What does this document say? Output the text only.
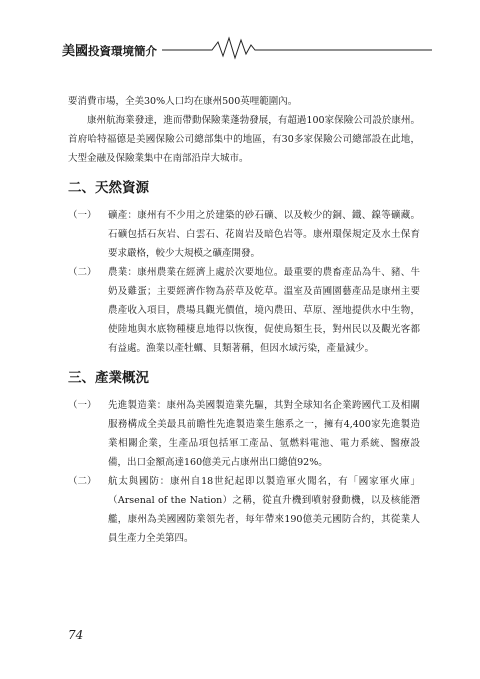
美國投資環境簡介

要消費市場，全美30%人口均在康州500英哩範圍內。

康州航海業發達，進而帶動保險業蓬勃發展，有超過100家保險公司設於康州。首府哈特福德是美國保險公司總部集中的地區，有30多家保險公司總部設在此地，大型金融及保險業集中在南部沿岸大城市。

二、天然資源
（一） 礦產：康州有不少用之於建築的砂石礦、以及較少的銅、鐵、鎳等礦藏。石礦包括石灰岩、白雲石、花崗岩及暗色岩等。康州環保規定及水土保育要求嚴格，較少大規模之礦產開發。
（二） 農業：康州農業在經濟上處於次要地位。最重要的農畜產品為牛、豬、牛奶及雞蛋；主要經濟作物為菸草及乾草。溫室及苗圃園藝產品是康州主要農產收入項目，農場具觀光價值，境內農田、草原、溼地提供水中生物，使陸地與水底物種棲息地得以恢復，促使鳥類生長，對州民以及觀光客都有益處。漁業以產牡蠣、貝類著稱，但因水域污染，產量減少。
三、產業概況
（一） 先進製造業：康州為美國製造業先驅，其對全球知名企業跨國代工及相關服務構成全美最具前瞻性先進製造業生態系之一，擁有4,400家先進製造業相關企業，生產品項包括軍工產品、氫燃料電池、電力系統、醫療設備，出口金額高達160億美元占康州出口總值92%。
（二） 航太與國防：康州自18世紀起即以製造軍火聞名，有「國家軍火庫」（Arsenal of the Nation）之稱，從直升機到噴射發動機，以及核能潛艦，康州為美國國防業領先者，每年帶來190億美元國防合約，其從業人員生產力全美第四。
74
